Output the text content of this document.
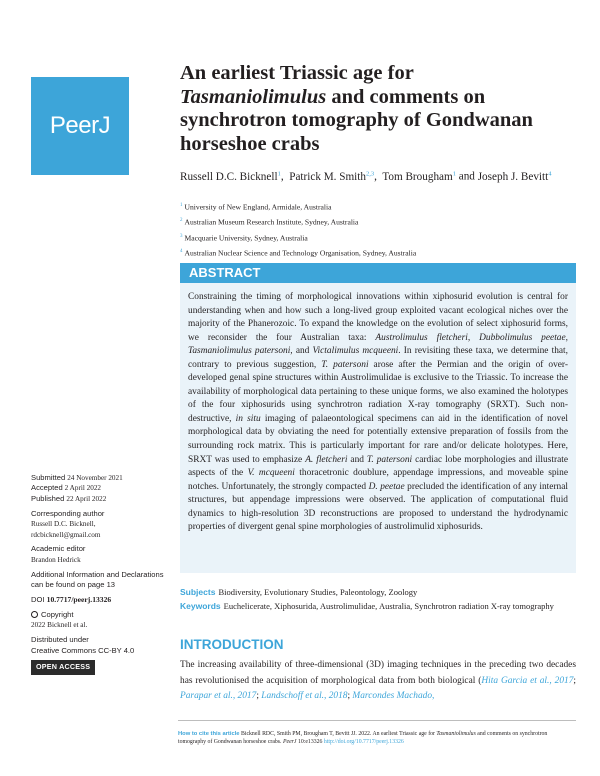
PeerJ
An earliest Triassic age for
Tasmaniolimulus and comments on synchrotron tomography of Gondwanan horseshoe crabs
Russell D.C. Bicknell$^1$,  Patrick M. Smith$^{2,3}$,  Tom Brougham$^1$ and Joseph J. Bevitt$^4$
$^1$ University of New England, Armidale, Australia
$^2$ Australian Museum Research Institute, Sydney, Australia
$^3$ Macquarie University, Sydney, Australia
$^4$ Australian Nuclear Science and Technology Organisation, Sydney, Australia
ABSTRACT
Constraining the timing of morphological innovations within xiphosurid evolution is central for understanding when and how such a long-lived group exploited vacant ecological niches over the majority of the Phanerozoic. To expand the knowledge on the evolution of select xiphosurid forms, we reconsider the four Australian taxa: Austrolimulus fletcheri, Dubbolimulus peetae, Tasmaniolimulus patersoni, and Victalimulus mcqueeni. In revisiting these taxa, we determine that, contrary to previous suggestion, T. patersoni arose after the Permian and the origin of over-developed genal spine structures within Austrolimulidae is exclusive to the Triassic. To increase the availability of morphological data pertaining to these unique forms, we also examined the holotypes of the four xiphosurids using synchrotron radiation X-ray tomography (SRXT). Such non-destructive, in situ imaging of palaeontological specimens can aid in the identification of novel morphological data by obviating the need for potentially extensive preparation of fossils from the surrounding rock matrix. This is particularly important for rare and/or delicate holotypes. Here, SRXT was used to emphasize A. fletcheri and T. patersoni cardiac lobe morphologies and illustrate aspects of the V. mcqueeni thoracetronic doublure, appendage impressions, and moveable spine notches. Unfortunately, the strongly compacted D. peetae precluded the identification of any internal structures, but appendage impressions were observed. The application of computational fluid dynamics to high-resolution 3D reconstructions are proposed to understand the hydrodynamic properties of divergent genal spine morphologies of austrolimulid xiphosurids.
Subjects Biodiversity, Evolutionary Studies, Paleontology, Zoology
Keywords Euchelicerate, Xiphosurida, Austrolimulidae, Australia, Synchrotron radiation X-ray tomography
INTRODUCTION
The increasing availability of three-dimensional (3D) imaging techniques in the preceding two decades has revolutionised the acquisition of morphological data from both biological (Hita Garcia et al., 2017; Parapar et al., 2017; Landschoff et al., 2018; Marcondes Machado,
Submitted 24 November 2021
Accepted 2 April 2022
Published 22 April 2022
Corresponding author
Russell D.C. Bicknell,
rdcbicknell@gmail.com
Academic editor
Brandon Hedrick
Additional Information and Declarations can be found on page 13
DOI 10.7717/peerj.13326
Copyright
2022 Bicknell et al.
Distributed under
Creative Commons CC-BY 4.0
OPEN ACCESS
How to cite this article Bicknell RDC, Smith PM, Brougham T, Bevitt JJ. 2022. An earliest Triassic age for Tasmaniolimulus and comments on synchrotron tomography of Gondwanan horseshoe crabs. PeerJ 10:e13326 http://doi.org/10.7717/peerj.13326
